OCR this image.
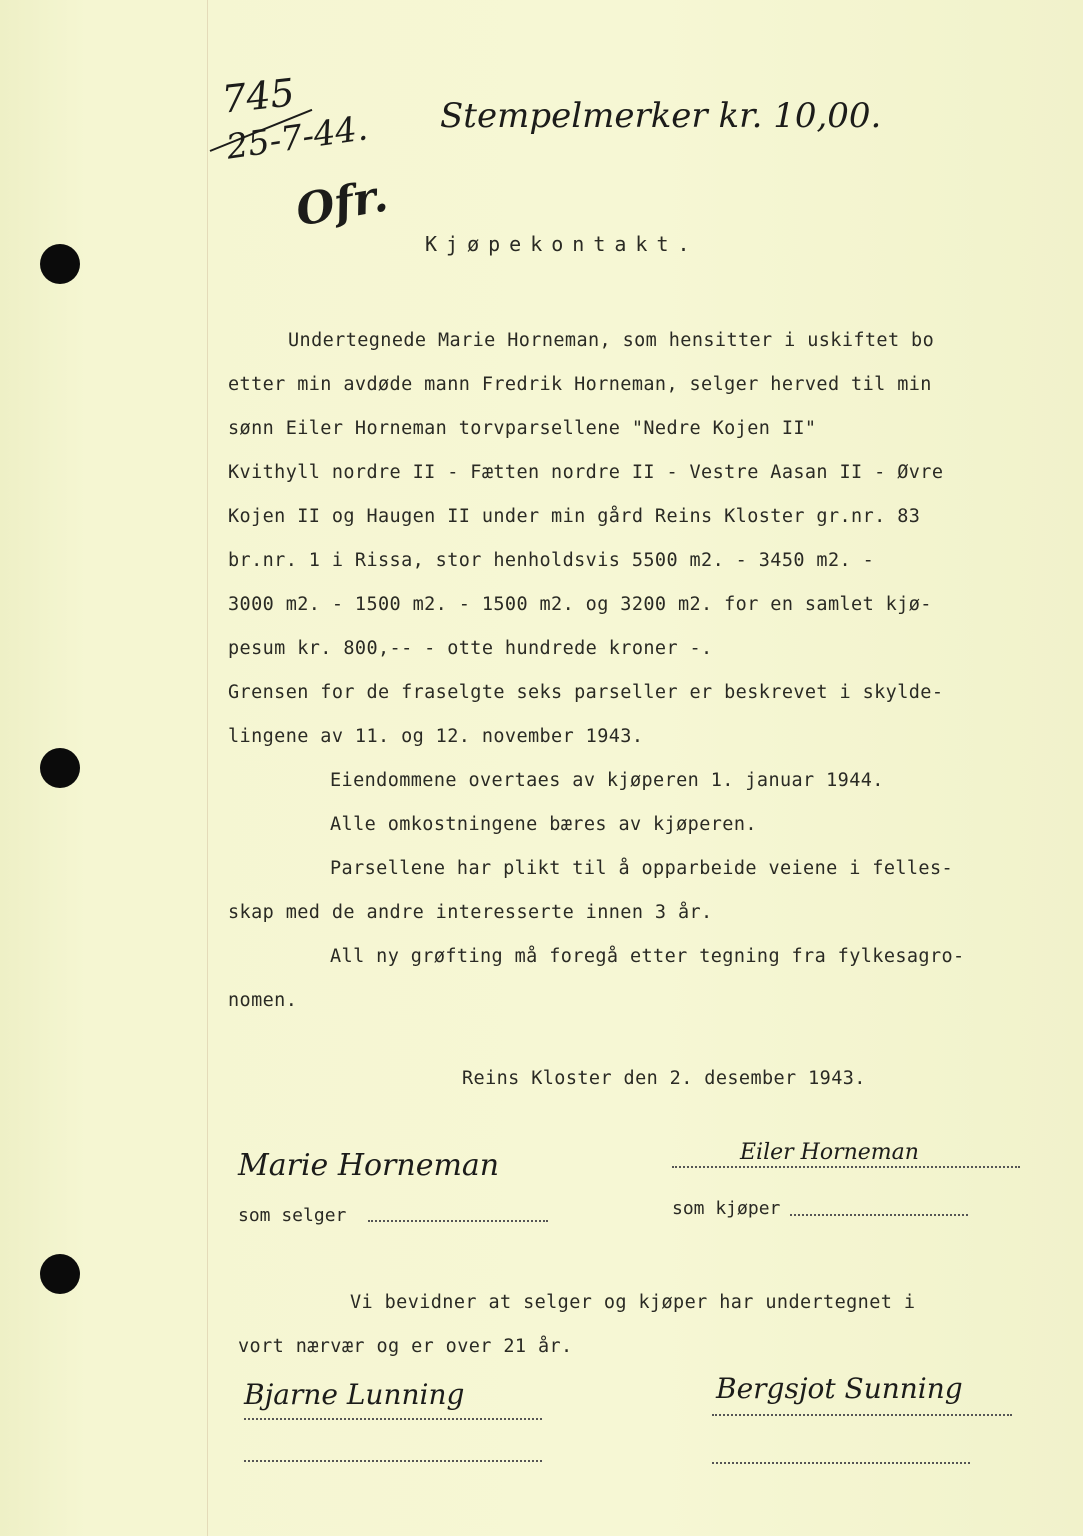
745
25-7-44.
Ofr.
Stempelmerker kr. 10,00.
Kjøpekontakt.
Undertegnede Marie Horneman, som hensitter i uskiftet bo
etter min avdøde mann Fredrik Horneman, selger herved til min
sønn Eiler Horneman torvparsellene "Nedre Kojen II"
Kvithyll nordre II - Fætten nordre II - Vestre Aasan II - Øvre
Kojen II og Haugen II under min gård Reins Kloster gr.nr. 83
br.nr. 1 i Rissa, stor henholdsvis 5500 m2. - 3450 m2. -
3000 m2. - 1500 m2. - 1500 m2. og 3200 m2. for en samlet kjø-
pesum kr. 800,-- - otte hundrede kroner -.
Grensen for de fraselgte seks parseller er beskrevet i skylde-
lingene av 11. og 12. november 1943.
Eiendommene overtaes av kjøperen 1. januar 1944.
Alle omkostningene bæres av kjøperen.
Parsellene har plikt til å opparbeide veiene i felles-
skap med de andre interesserte innen 3 år.
All ny grøfting må foregå etter tegning fra fylkesagro-
nomen.
Reins Kloster den 2. desember 1943.
Marie Horneman
som selger
Eiler Horneman
som kjøper
Vi bevidner at selger og kjøper har undertegnet i
vort nærvær og er over 21 år.
Bjarne Lunning	Bergsjot Sunning
